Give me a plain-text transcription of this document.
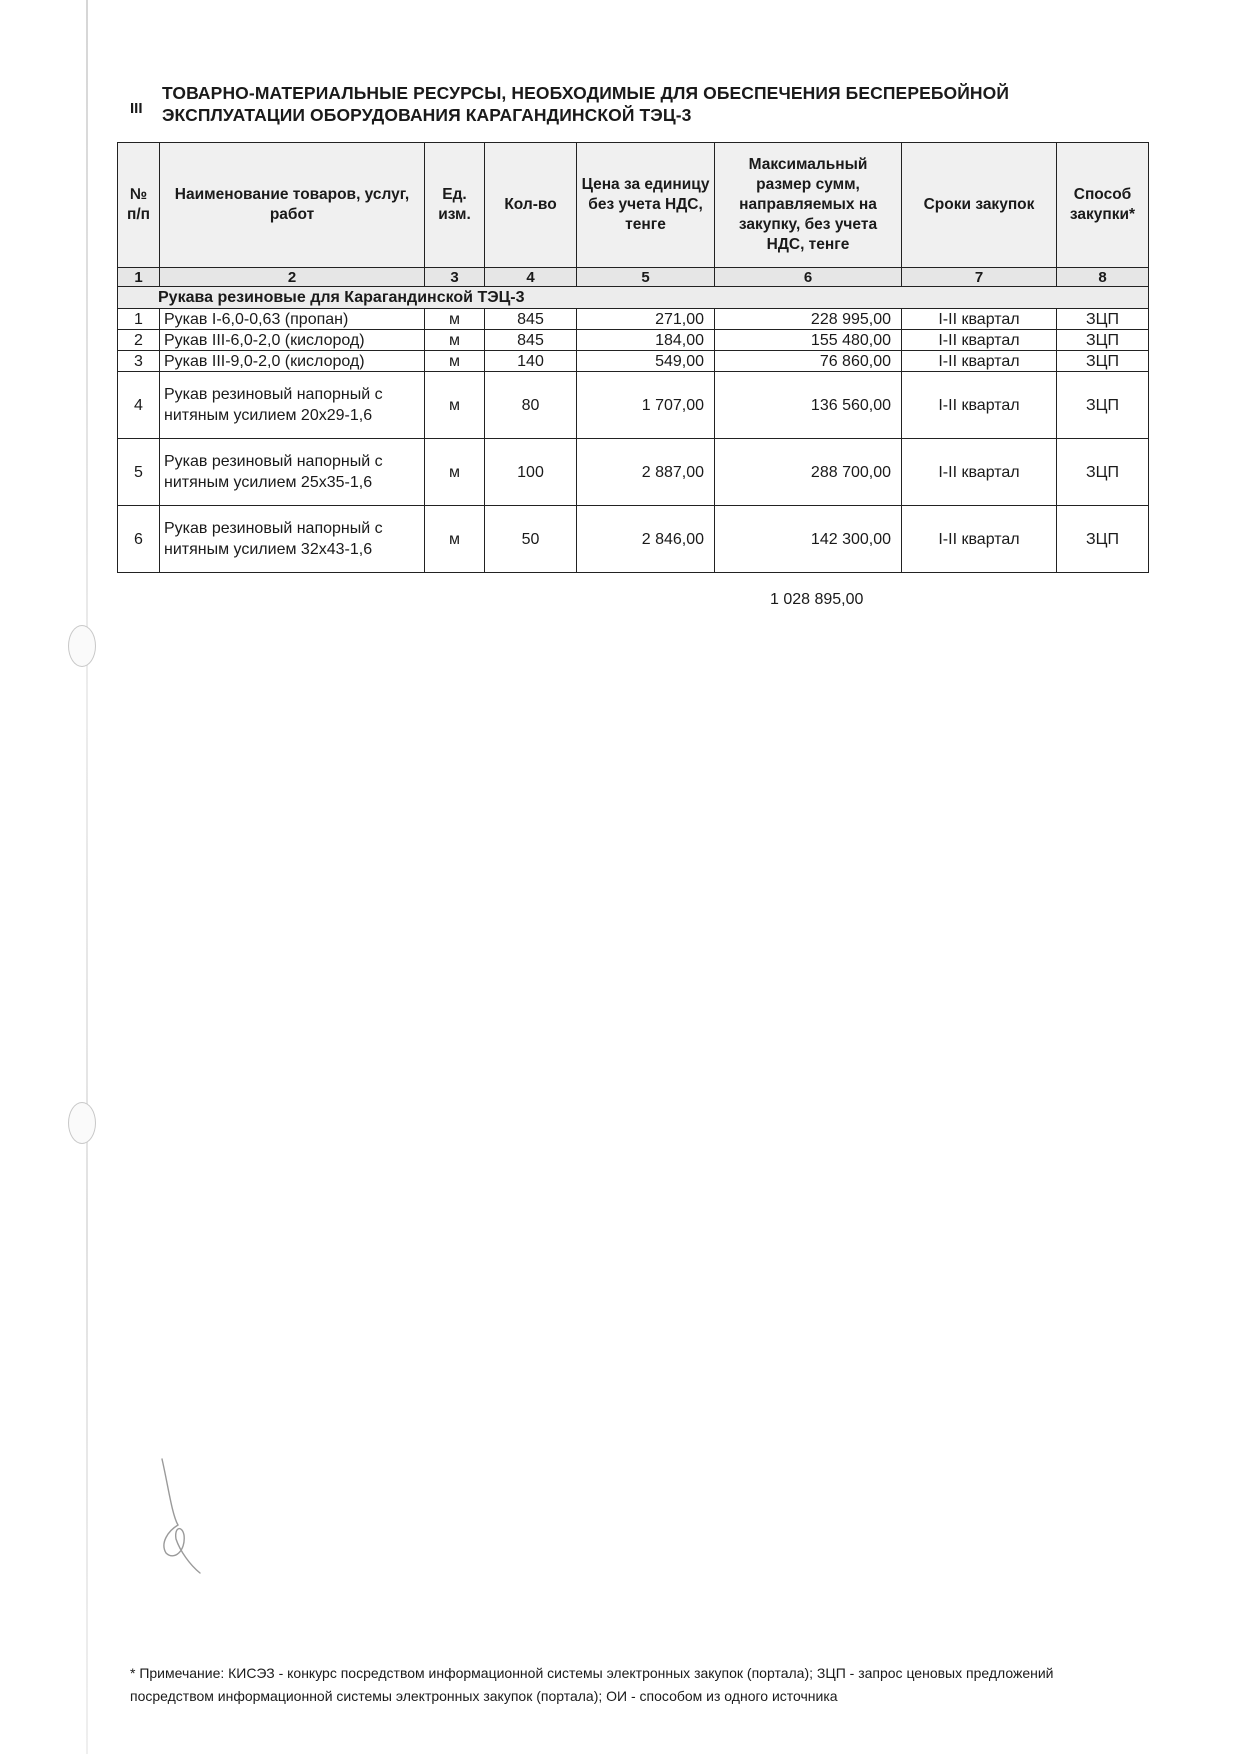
III
ТОВАРНО-МАТЕРИАЛЬНЫЕ РЕСУРСЫ, НЕОБХОДИМЫЕ ДЛЯ ОБЕСПЕЧЕНИЯ БЕСПЕРЕБОЙНОЙ ЭКСПЛУАТАЦИИ ОБОРУДОВАНИЯ КАРАГАНДИНСКОЙ ТЭЦ-3
№ п/п	Наименование товаров, услуг, работ	Ед. изм.	Кол-во	Цена за единицу без учета НДС, тенге	Максимальный размер сумм, направляемых на закупку, без учета НДС, тенге	Сроки закупок	Способ закупки*
1	2	3	4	5	6	7	8
Рукава резиновые для Карагандинской ТЭЦ-3							
1	Рукав I-6,0-0,63 (пропан)	м	845	271,00	228 995,00	I-II квартал	ЗЦП
2	Рукав III-6,0-2,0 (кислород)	м	845	184,00	155 480,00	I-II квартал	ЗЦП
3	Рукав III-9,0-2,0 (кислород)	м	140	549,00	76 860,00	I-II квартал	ЗЦП
4	Рукав резиновый напорный с нитяным усилием 20х29-1,6	м	80	1 707,00	136 560,00	I-II квартал	ЗЦП
5	Рукав резиновый напорный с нитяным усилием 25х35-1,6	м	100	2 887,00	288 700,00	I-II квартал	ЗЦП
6	Рукав резиновый напорный с нитяным усилием 32х43-1,6	м	50	2 846,00	142 300,00	I-II квартал	ЗЦП
1 028 895,00
* Примечание: КИСЭЗ - конкурс посредством информационной системы электронных закупок (портала); ЗЦП - запрос ценовых предложений посредством информационной системы электронных закупок (портала); ОИ - способом из одного источника
